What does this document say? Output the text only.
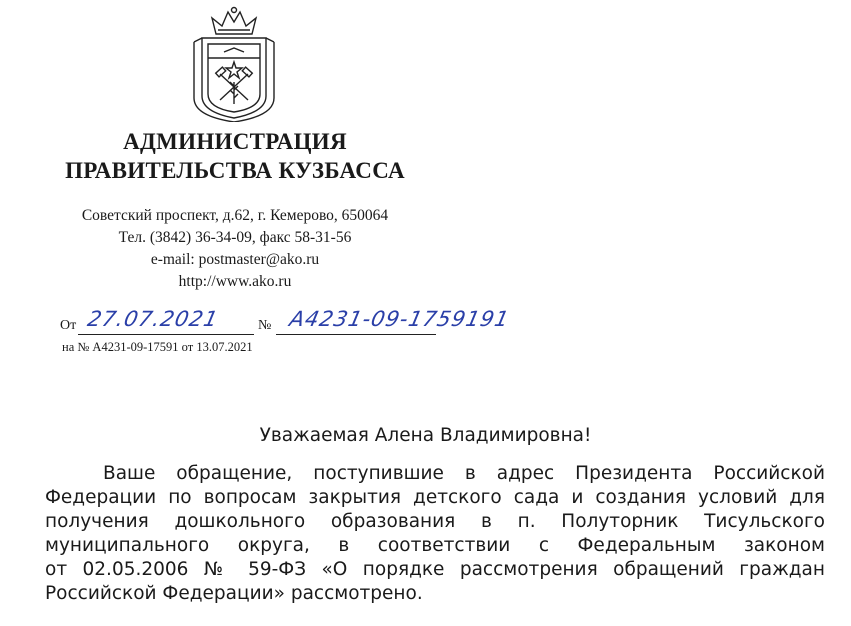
АДМИНИСТРАЦИЯ
ПРАВИТЕЛЬСТВА КУЗБАССА
Советский проспект, д.62, г. Кемерово, 650064
Тел. (3842) 36-34-09, факс 58-31-56
e-mail: postmaster@ako.ru
http://www.ako.ru
От 27.07.2021	№ А4231-09-1759191
на № А4231-09-17591 от 13.07.2021
Уважаемая Алена Владимировна!
Ваше обращение, поступившие в адрес Президента Российской
Федерации по вопросам закрытия детского сада и создания условий для
получения дошкольного образования в п. Полуторник Тисульского
муниципального округа, в соответствии с Федеральным законом
от 02.05.2006 № 59-ФЗ «О порядке рассмотрения обращений граждан
Российской Федерации» рассмотрено.
